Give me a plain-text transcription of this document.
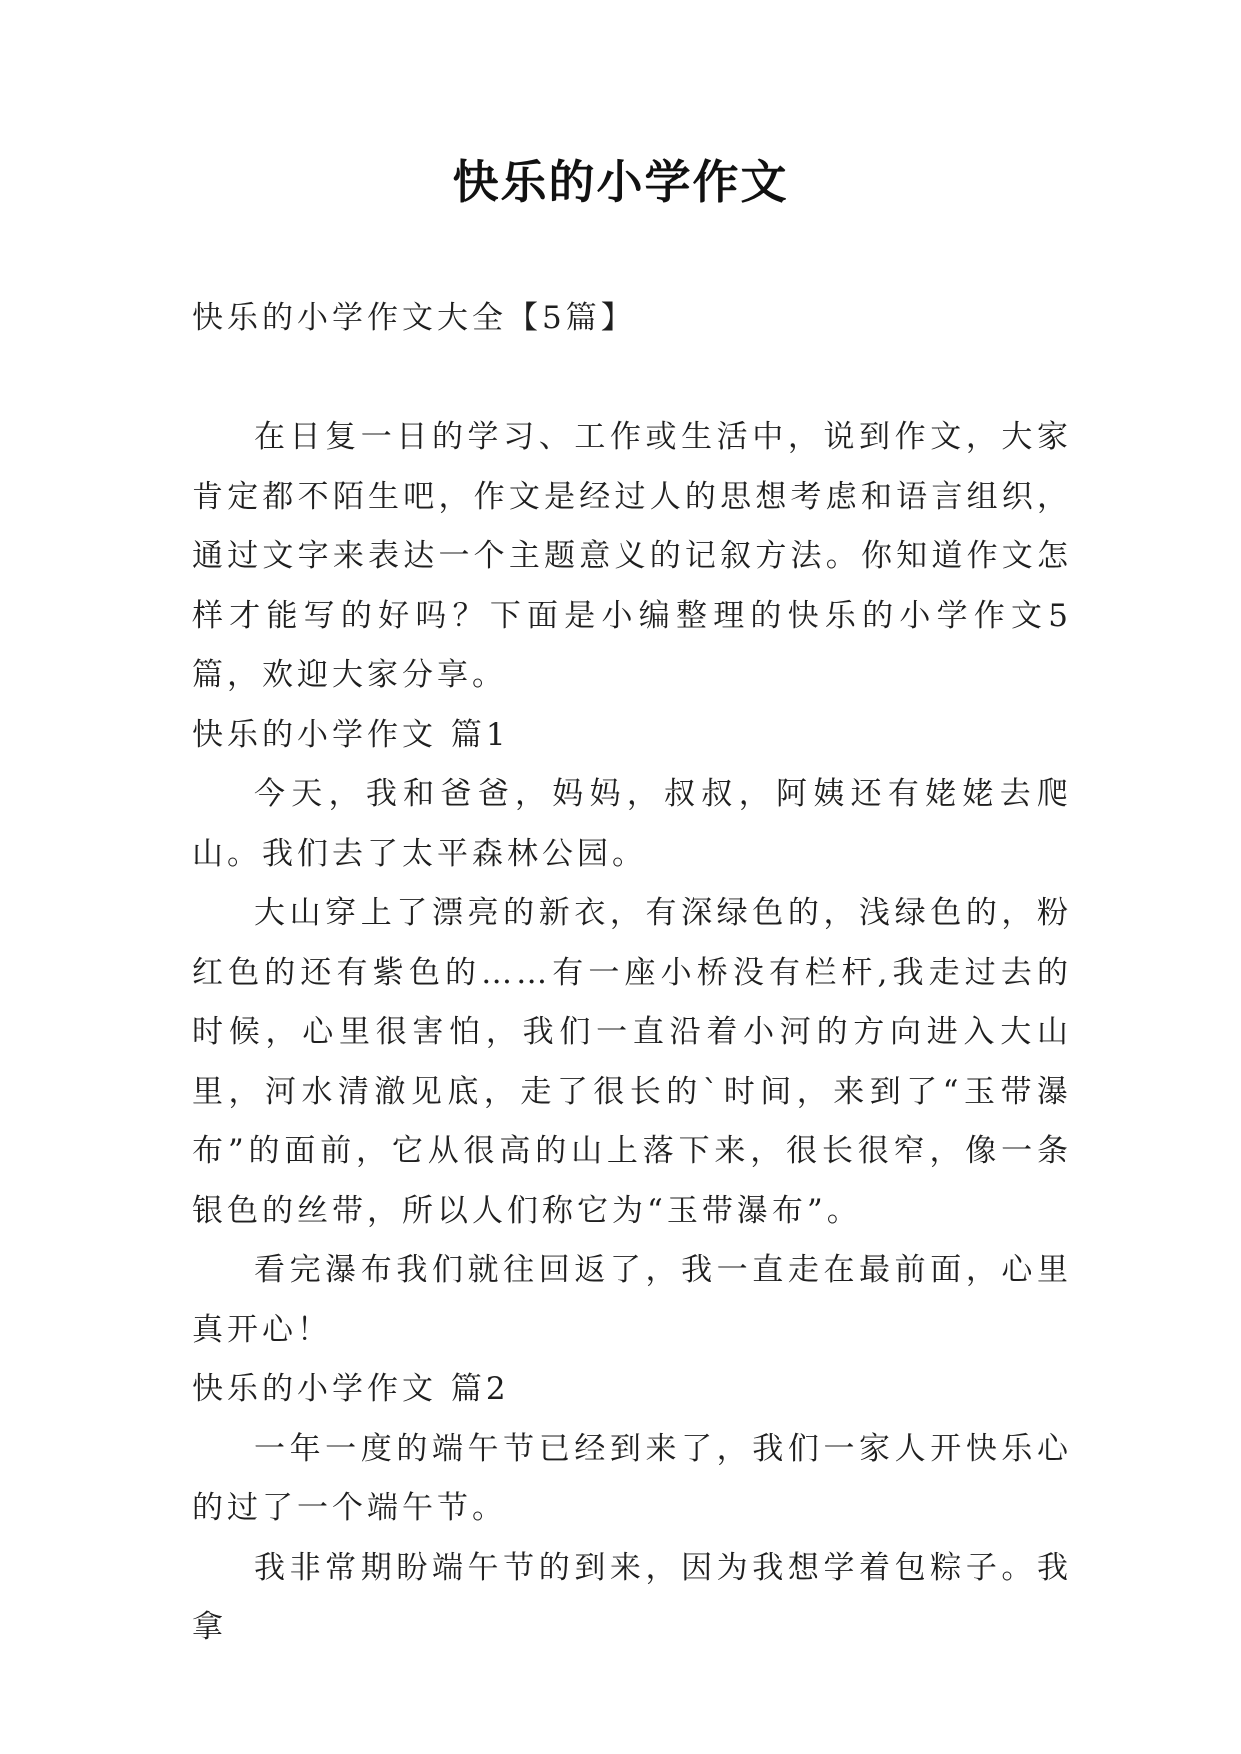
快乐的小学作文

快乐的小学作文大全【5篇】

在日复一日的学习、工作或生活中，说到作文，大家肯定都不陌生吧，作文是经过人的思想考虑和语言组织，通过文字来表达一个主题意义的记叙方法。你知道作文怎样才能写的好吗？下面是小编整理的快乐的小学作文5篇，欢迎大家分享。

快乐的小学作文 篇1

今天，我和爸爸，妈妈，叔叔，阿姨还有姥姥去爬山。我们去了太平森林公园。

大山穿上了漂亮的新衣，有深绿色的，浅绿色的，粉红色的还有紫色的……有一座小桥没有栏杆,我走过去的时候，心里很害怕，我们一直沿着小河的方向进入大山里，河水清澈见底，走了很长的`时间，来到了“玉带瀑布”的面前，它从很高的山上落下来，很长很窄，像一条银色的丝带，所以人们称它为“玉带瀑布”。

看完瀑布我们就往回返了，我一直走在最前面，心里真开心！

快乐的小学作文 篇2

一年一度的端午节已经到来了，我们一家人开快乐心的过了一个端午节。

我非常期盼端午节的到来，因为我想学着包粽子。我拿
